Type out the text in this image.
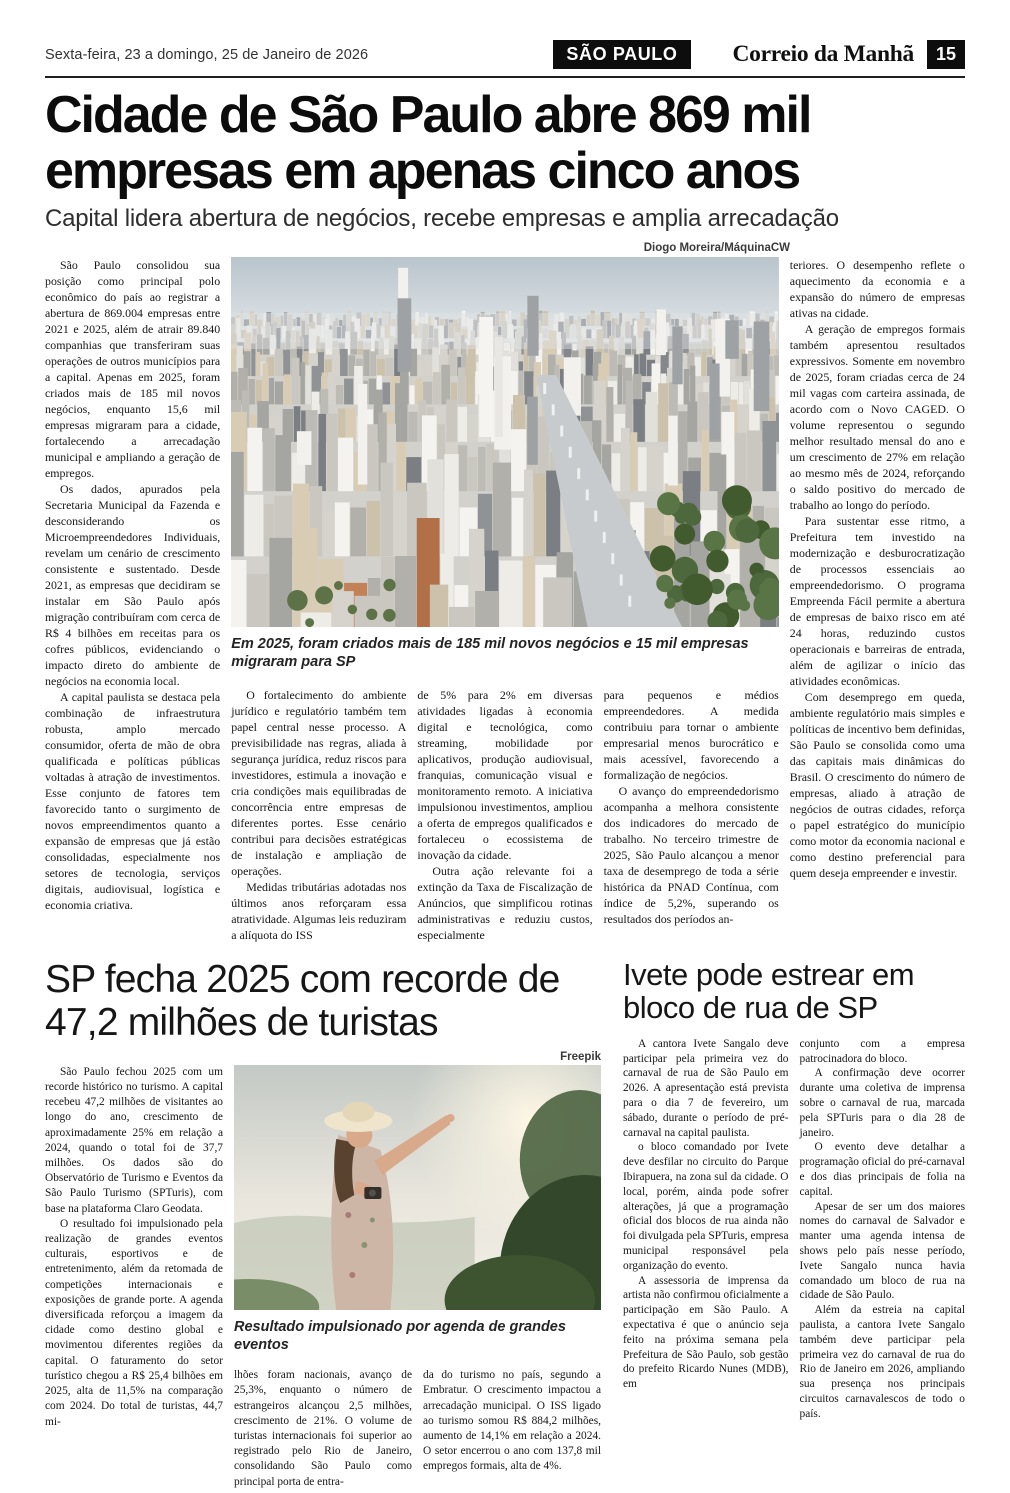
Sexta-feira, 23 a domingo, 25 de Janeiro de 2026	SÃO PAULO	Correio da Manhã	15
Cidade de São Paulo abre 869 mil empresas em apenas cinco anos
Capital lidera abertura de negócios, recebe empresas e amplia arrecadação
Diogo Moreira/MáquinaCW

São Paulo consolidou sua posição como principal polo econômico do país ao registrar a abertura de 869.004 empresas entre 2021 e 2025, além de atrair 89.840 companhias que transferiram suas operações de outros municípios para a capital. Apenas em 2025, foram criados mais de 185 mil novos negócios, enquanto 15,6 mil empresas migraram para a cidade, fortalecendo a arrecadação municipal e ampliando a geração de empregos.

Os dados, apurados pela Secretaria Municipal da Fazenda e desconsiderando os Microempreendedores Individuais, revelam um cenário de crescimento consistente e sustentado. Desde 2021, as empresas que decidiram se instalar em São Paulo após migração contribuíram com cerca de R$ 4 bilhões em receitas para os cofres públicos, evidenciando o impacto direto do ambiente de negócios na economia local.

A capital paulista se destaca pela combinação de infraestrutura robusta, amplo mercado consumidor, oferta de mão de obra qualificada e políticas públicas voltadas à atração de investimentos. Esse conjunto de fatores tem favorecido tanto o surgimento de novos empreendimentos quanto a expansão de empresas que já estão consolidadas, especialmente nos setores de tecnologia, serviços digitais, audiovisual, logística e economia criativa.

Em 2025, foram criados mais de 185 mil novos negócios e 15 mil empresas migraram para SP

O fortalecimento do ambiente jurídico e regulatório também tem papel central nesse processo. A previsibilidade nas regras, aliada à segurança jurídica, reduz riscos para investidores, estimula a inovação e cria condições mais equilibradas de concorrência entre empresas de diferentes portes. Esse cenário contribui para decisões estratégicas de instalação e ampliação de operações.

Medidas tributárias adotadas nos últimos anos reforçaram essa atratividade. Algumas leis reduziram a alíquota do ISS

de 5% para 2% em diversas atividades ligadas à economia digital e tecnológica, como streaming, mobilidade por aplicativos, produção audiovisual, franquias, comunicação visual e monitoramento remoto. A iniciativa impulsionou investimentos, ampliou a oferta de empregos qualificados e fortaleceu o ecossistema de inovação da cidade.

Outra ação relevante foi a extinção da Taxa de Fiscalização de Anúncios, que simplificou rotinas administrativas e reduziu custos, especialmente

para pequenos e médios empreendedores. A medida contribuiu para tornar o ambiente empresarial menos burocrático e mais acessível, favorecendo a formalização de negócios.

O avanço do empreendedorismo acompanha a melhora consistente dos indicadores do mercado de trabalho. No terceiro trimestre de 2025, São Paulo alcançou a menor taxa de desemprego de toda a série histórica da PNAD Contínua, com índice de 5,2%, superando os resultados dos períodos an-

teriores. O desempenho reflete o aquecimento da economia e a expansão do número de empresas ativas na cidade.

A geração de empregos formais também apresentou resultados expressivos. Somente em novembro de 2025, foram criadas cerca de 24 mil vagas com carteira assinada, de acordo com o Novo CAGED. O volume representou o segundo melhor resultado mensal do ano e um crescimento de 27% em relação ao mesmo mês de 2024, reforçando o saldo positivo do mercado de trabalho ao longo do período.

Para sustentar esse ritmo, a Prefeitura tem investido na modernização e desburocratização de processos essenciais ao empreendedorismo. O programa Empreenda Fácil permite a abertura de empresas de baixo risco em até 24 horas, reduzindo custos operacionais e barreiras de entrada, além de agilizar o início das atividades econômicas.

Com desemprego em queda, ambiente regulatório mais simples e políticas de incentivo bem definidas, São Paulo se consolida como uma das capitais mais dinâmicas do Brasil. O crescimento do número de empresas, aliado à atração de negócios de outras cidades, reforça o papel estratégico do município como motor da economia nacional e como destino preferencial para quem deseja empreender e investir.

SP fecha 2025 com recorde de 47,2 milhões de turistas
Freepik

São Paulo fechou 2025 com um recorde histórico no turismo. A capital recebeu 47,2 milhões de visitantes ao longo do ano, crescimento de aproximadamente 25% em relação a 2024, quando o total foi de 37,7 milhões. Os dados são do Observatório de Turismo e Eventos da São Paulo Turismo (SPTuris), com base na plataforma Claro Geodata.

O resultado foi impulsionado pela realização de grandes eventos culturais, esportivos e de entretenimento, além da retomada de competições internacionais e exposições de grande porte. A agenda diversificada reforçou a imagem da cidade como destino global e movimentou diferentes regiões da capital. O faturamento do setor turístico chegou a R$ 25,4 bilhões em 2025, alta de 11,5% na comparação com 2024. Do total de turistas, 44,7 mi-

Resultado impulsionado por agenda de grandes eventos

lhões foram nacionais, avanço de 25,3%, enquanto o número de estrangeiros alcançou 2,5 milhões, crescimento de 21%. O volume de turistas internacionais foi superior ao registrado pelo Rio de Janeiro, consolidando São Paulo como principal porta de entra-

da do turismo no país, segundo a Embratur. O crescimento impactou a arrecadação municipal. O ISS ligado ao turismo somou R$ 884,2 milhões, aumento de 14,1% em relação a 2024. O setor encerrou o ano com 137,8 mil empregos formais, alta de 4%.

Ivete pode estrear em bloco de rua de SP

A cantora Ivete Sangalo deve participar pela primeira vez do carnaval de rua de São Paulo em 2026. A apresentação está prevista para o dia 7 de fevereiro, um sábado, durante o período de pré-carnaval na capital paulista.

o bloco comandado por Ivete deve desfilar no circuito do Parque Ibirapuera, na zona sul da cidade. O local, porém, ainda pode sofrer alterações, já que a programação oficial dos blocos de rua ainda não foi divulgada pela SPTuris, empresa municipal responsável pela organização do evento.

A assessoria de imprensa da artista não confirmou oficialmente a participação em São Paulo. A expectativa é que o anúncio seja feito na próxima semana pela Prefeitura de São Paulo, sob gestão do prefeito Ricardo Nunes (MDB), em

conjunto com a empresa patrocinadora do bloco.

A confirmação deve ocorrer durante uma coletiva de imprensa sobre o carnaval de rua, marcada pela SPTuris para o dia 28 de janeiro.

O evento deve detalhar a programação oficial do pré-carnaval e dos dias principais de folia na capital.

Apesar de ser um dos maiores nomes do carnaval de Salvador e manter uma agenda intensa de shows pelo país nesse período, Ivete Sangalo nunca havia comandado um bloco de rua na cidade de São Paulo.

Além da estreia na capital paulista, a cantora Ivete Sangalo também deve participar pela primeira vez do carnaval de rua do Rio de Janeiro em 2026, ampliando sua presença nos principais circuitos carnavalescos de todo o país.
